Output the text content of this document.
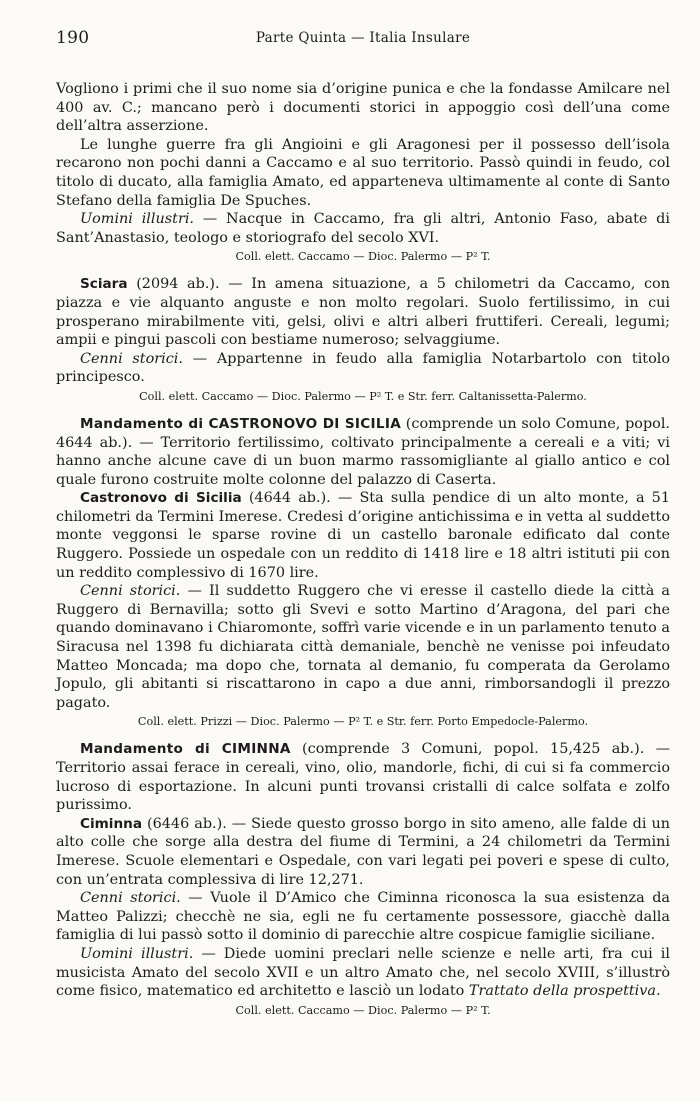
190	Parte Quinta — Italia Insulare

Vogliono i primi che il suo nome sia d’origine punica e che la fondasse Amilcare nel 400 av. C.; mancano però i documenti storici in appoggio così dell’una come dell’altra asserzione.

Le lunghe guerre fra gli Angioini e gli Aragonesi per il possesso dell’isola recarono non pochi danni a Caccamo e al suo territorio. Passò quindi in feudo, col titolo di ducato, alla famiglia Amato, ed apparteneva ultimamente al conte di Santo Stefano della famiglia De Spuches.

Uomini illustri. — Nacque in Caccamo, fra gli altri, Antonio Faso, abate di Sant’Anastasio, teologo e storiografo del secolo XVI.

Coll. elett. Caccamo — Dioc. Palermo — P² T.

Sciara (2094 ab.). — In amena situazione, a 5 chilometri da Caccamo, con piazza e vie alquanto anguste e non molto regolari. Suolo fertilissimo, in cui prosperano mirabilmente viti, gelsi, olivi e altri alberi fruttiferi. Cereali, legumi; ampii e pingui pascoli con bestiame numeroso; selvaggiume.

Cenni storici. — Appartenne in feudo alla famiglia Notarbartolo con titolo principesco.

Coll. elett. Caccamo — Dioc. Palermo — P² T. e Str. ferr. Caltanissetta-Palermo.

Mandamento di CASTRONOVO DI SICILIA (comprende un solo Comune, popol. 4644 ab.). — Territorio fertilissimo, coltivato principalmente a cereali e a viti; vi hanno anche alcune cave di un buon marmo rassomigliante al giallo antico e col quale furono costruite molte colonne del palazzo di Caserta.

Castronovo di Sicilia (4644 ab.). — Sta sulla pendice di un alto monte, a 51 chilometri da Termini Imerese. Credesi d’origine antichissima e in vetta al suddetto monte veggonsi le sparse rovine di un castello baronale edificato dal conte Ruggero. Possiede un ospedale con un reddito di 1418 lire e 18 altri istituti pii con un reddito complessivo di 1670 lire.

Cenni storici. — Il suddetto Ruggero che vi eresse il castello diede la città a Ruggero di Bernavilla; sotto gli Svevi e sotto Martino d’Aragona, del pari che quando dominavano i Chiaromonte, soffrì varie vicende e in un parlamento tenuto a Siracusa nel 1398 fu dichiarata città demaniale, benchè ne venisse poi infeudato Matteo Moncada; ma dopo che, tornata al demanio, fu comperata da Gerolamo Jopulo, gli abitanti si riscattarono in capo a due anni, rimborsandogli il prezzo pagato.

Coll. elett. Prizzi — Dioc. Palermo — P² T. e Str. ferr. Porto Empedocle-Palermo.

Mandamento di CIMINNA (comprende 3 Comuni, popol. 15,425 ab.). — Territorio assai ferace in cereali, vino, olio, mandorle, fichi, di cui si fa commercio lucroso di esportazione. In alcuni punti trovansi cristalli di calce solfata e zolfo purissimo.

Ciminna (6446 ab.). — Siede questo grosso borgo in sito ameno, alle falde di un alto colle che sorge alla destra del fiume di Termini, a 24 chilometri da Termini Imerese. Scuole elementari e Ospedale, con vari legati pei poveri e spese di culto, con un’entrata complessiva di lire 12,271.

Cenni storici. — Vuole il D’Amico che Ciminna riconosca la sua esistenza da Matteo Palizzi; checchè ne sia, egli ne fu certamente possessore, giacchè dalla famiglia di lui passò sotto il dominio di parecchie altre cospicue famiglie siciliane.

Uomini illustri. — Diede uomini preclari nelle scienze e nelle arti, fra cui il musicista Amato del secolo XVII e un altro Amato che, nel secolo XVIII, s’illustrò come fisico, matematico ed architetto e lasciò un lodato Trattato della prospettiva.

Coll. elett. Caccamo — Dioc. Palermo — P² T.
